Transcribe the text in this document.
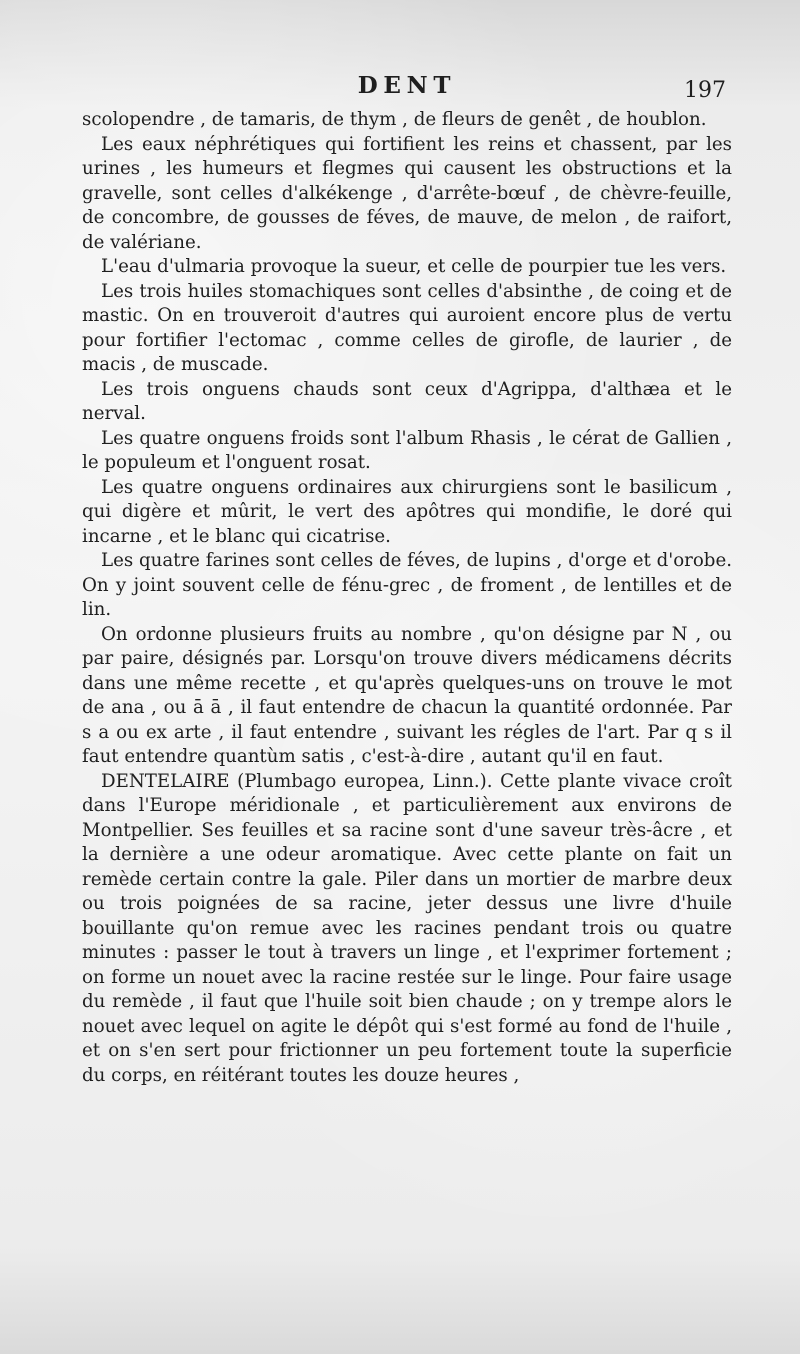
DENT	197

scolopendre , de tamaris, de thym , de fleurs de genêt , de houblon.

Les eaux néphrétiques qui fortifient les reins et chassent, par les urines , les humeurs et flegmes qui causent les obstructions et la gravelle, sont celles d'alkékenge , d'arrête-bœuf , de chèvre-feuille, de concombre, de gousses de féves, de mauve, de melon , de raifort, de valériane.

L'eau d'ulmaria provoque la sueur, et celle de pourpier tue les vers.

Les trois huiles stomachiques sont celles d'absinthe , de coing et de mastic. On en trouveroit d'autres qui auroient encore plus de vertu pour fortifier l'ectomac , comme celles de girofle, de laurier , de macis , de muscade.

Les trois onguens chauds sont ceux d'Agrippa, d'althæa et le nerval.

Les quatre onguens froids sont l'album Rhasis , le cérat de Gallien , le populeum et l'onguent rosat.

Les quatre onguens ordinaires aux chirurgiens sont le basilicum , qui digère et mûrit, le vert des apôtres qui mondifie, le doré qui incarne , et le blanc qui cicatrise.

Les quatre farines sont celles de féves, de lupins , d'orge et d'orobe. On y joint souvent celle de fénu-grec , de froment , de lentilles et de lin.

On ordonne plusieurs fruits au nombre , qu'on désigne par N , ou par paire, désignés par. Lorsqu'on trouve divers médicamens décrits dans une même recette , et qu'après quelques-uns on trouve le mot de ana , ou ā ā , il faut entendre de chacun la quantité ordonnée. Par s a ou ex arte , il faut entendre , suivant les régles de l'art. Par q s il faut entendre quantùm satis , c'est-à-dire , autant qu'il en faut.

DENTELAIRE (Plumbago europea, Linn.). Cette plante vivace croît dans l'Europe méridionale , et particulièrement aux environs de Montpellier. Ses feuilles et sa racine sont d'une saveur très-âcre , et la dernière a une odeur aromatique. Avec cette plante on fait un remède certain contre la gale. Piler dans un mortier de marbre deux ou trois poignées de sa racine, jeter dessus une livre d'huile bouillante qu'on remue avec les racines pendant trois ou quatre minutes : passer le tout à travers un linge , et l'exprimer fortement ; on forme un nouet avec la racine restée sur le linge. Pour faire usage du remède , il faut que l'huile soit bien chaude ; on y trempe alors le nouet avec lequel on agite le dépôt qui s'est formé au fond de l'huile , et on s'en sert pour frictionner un peu fortement toute la superficie du corps, en réitérant toutes les douze heures ,
